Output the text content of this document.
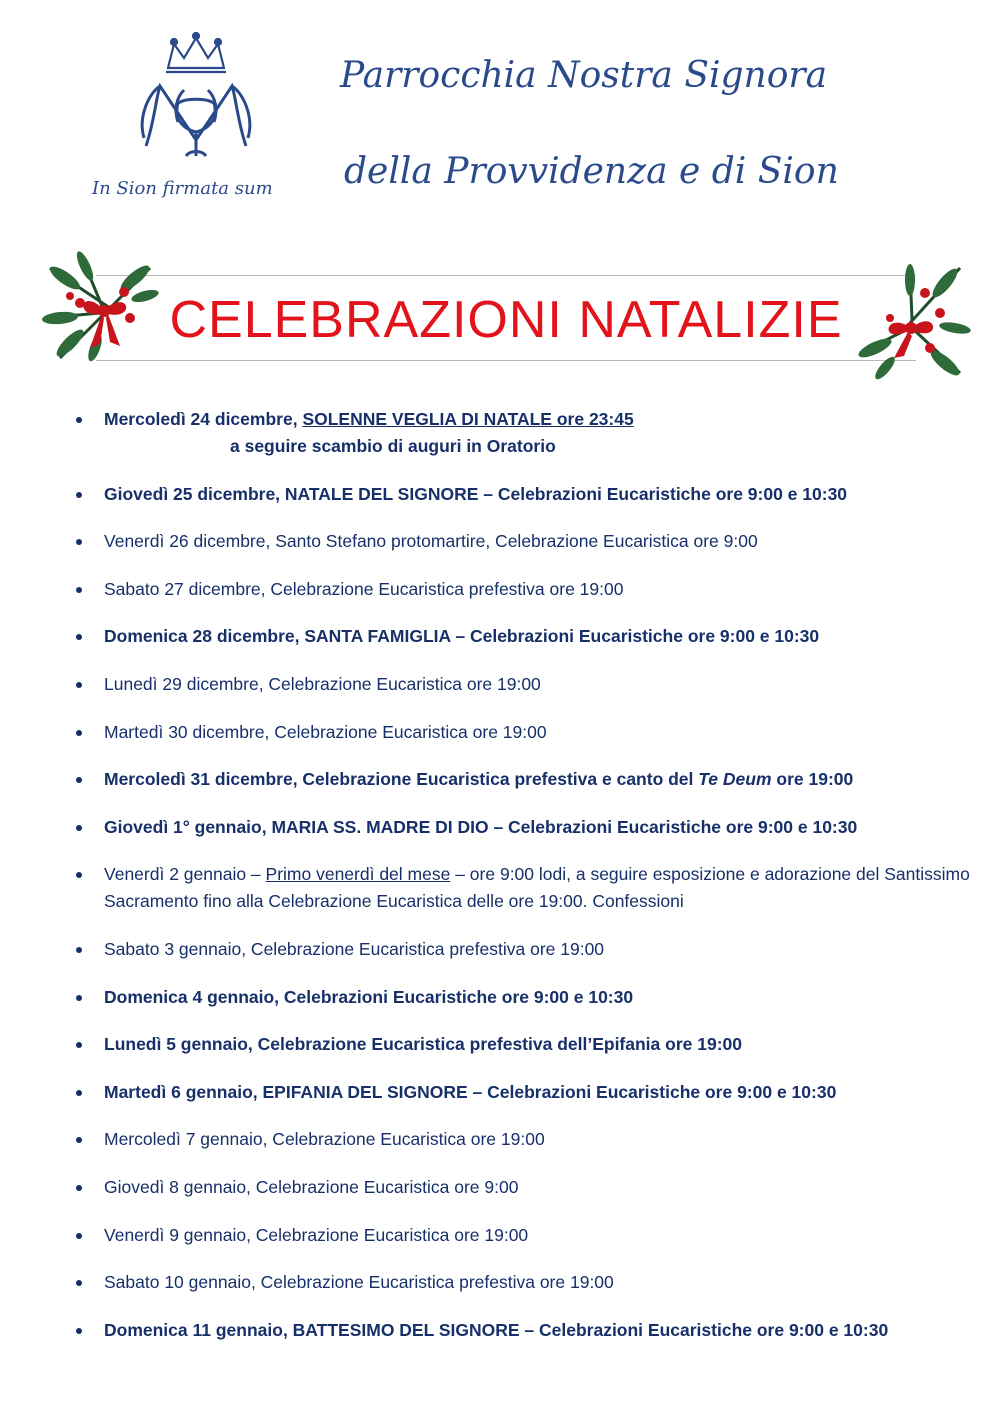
In Sion firmata sum
Parrocchia Nostra Signora
della Provvidenza e di Sion
CELEBRAZIONI NATALIZIE
Mercoledì 24 dicembre, SOLENNE VEGLIA DI NATALE ore 23:45
a seguire scambio di auguri in Oratorio
Giovedì 25 dicembre, NATALE DEL SIGNORE – Celebrazioni Eucaristiche ore 9:00 e 10:30
Venerdì 26 dicembre, Santo Stefano protomartire, Celebrazione Eucaristica ore 9:00
Sabato 27 dicembre, Celebrazione Eucaristica prefestiva ore 19:00
Domenica 28 dicembre, SANTA FAMIGLIA – Celebrazioni Eucaristiche ore 9:00 e 10:30
Lunedì 29 dicembre, Celebrazione Eucaristica ore 19:00
Martedì 30 dicembre, Celebrazione Eucaristica ore 19:00
Mercoledì 31 dicembre, Celebrazione Eucaristica prefestiva e canto del Te Deum ore 19:00
Giovedì 1° gennaio, MARIA SS. MADRE DI DIO – Celebrazioni Eucaristiche ore 9:00 e 10:30
Venerdì 2 gennaio – Primo venerdì del mese – ore 9:00 lodi, a seguire esposizione e adorazione del Santissimo Sacramento fino alla Celebrazione Eucaristica delle ore 19:00. Confessioni
Sabato 3 gennaio, Celebrazione Eucaristica prefestiva ore 19:00
Domenica 4 gennaio, Celebrazioni Eucaristiche ore 9:00 e 10:30
Lunedì 5 gennaio, Celebrazione Eucaristica prefestiva dell’Epifania ore 19:00
Martedì 6 gennaio, EPIFANIA DEL SIGNORE – Celebrazioni Eucaristiche ore 9:00 e 10:30
Mercoledì 7 gennaio, Celebrazione Eucaristica ore 19:00
Giovedì 8 gennaio, Celebrazione Eucaristica ore 9:00
Venerdì 9 gennaio, Celebrazione Eucaristica ore 19:00
Sabato 10 gennaio, Celebrazione Eucaristica prefestiva ore 19:00
Domenica 11 gennaio, BATTESIMO DEL SIGNORE – Celebrazioni Eucaristiche ore 9:00 e 10:30
